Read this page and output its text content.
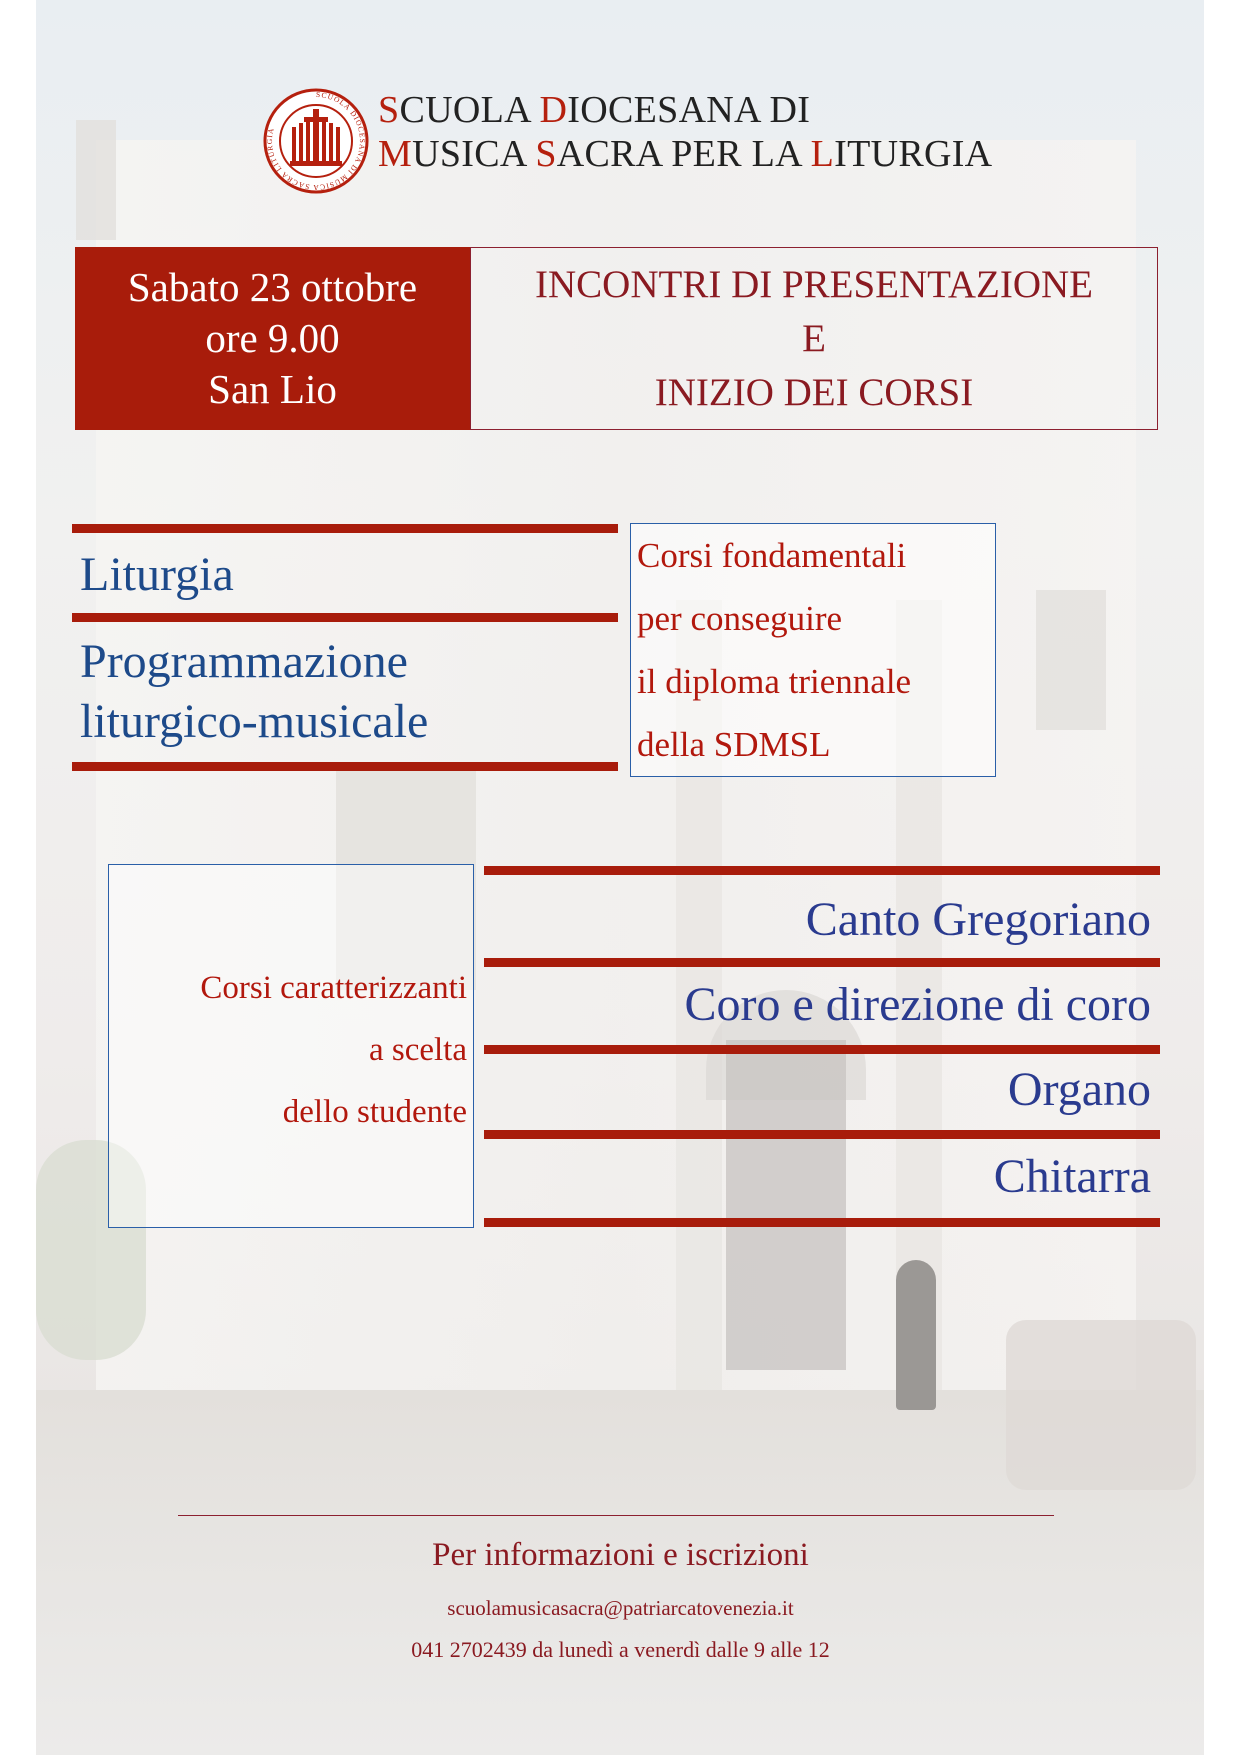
SCUOLA DIOCESANA DI MUSICA SACRA LITURGIA	SCUOLA DIOCESANA DI
MUSICA SACRA PER LA LITURGIA
Sabato 23 ottobre
ore 9.00
San Lio
INCONTRI DI PRESENTAZIONE
E
INIZIO DEI CORSI
Liturgia
Programmazione
liturgico-musicale
Corsi fondamentali
per conseguire
il diploma triennale
della SDMSL
Corsi caratterizzanti
a scelta
dello studente
Canto Gregoriano
Coro e direzione di coro
Organo
Chitarra
Per informazioni e iscrizioni
scuolamusicasacra@patriarcatovenezia.it
041 2702439 da lunedì a venerdì dalle 9 alle 12
